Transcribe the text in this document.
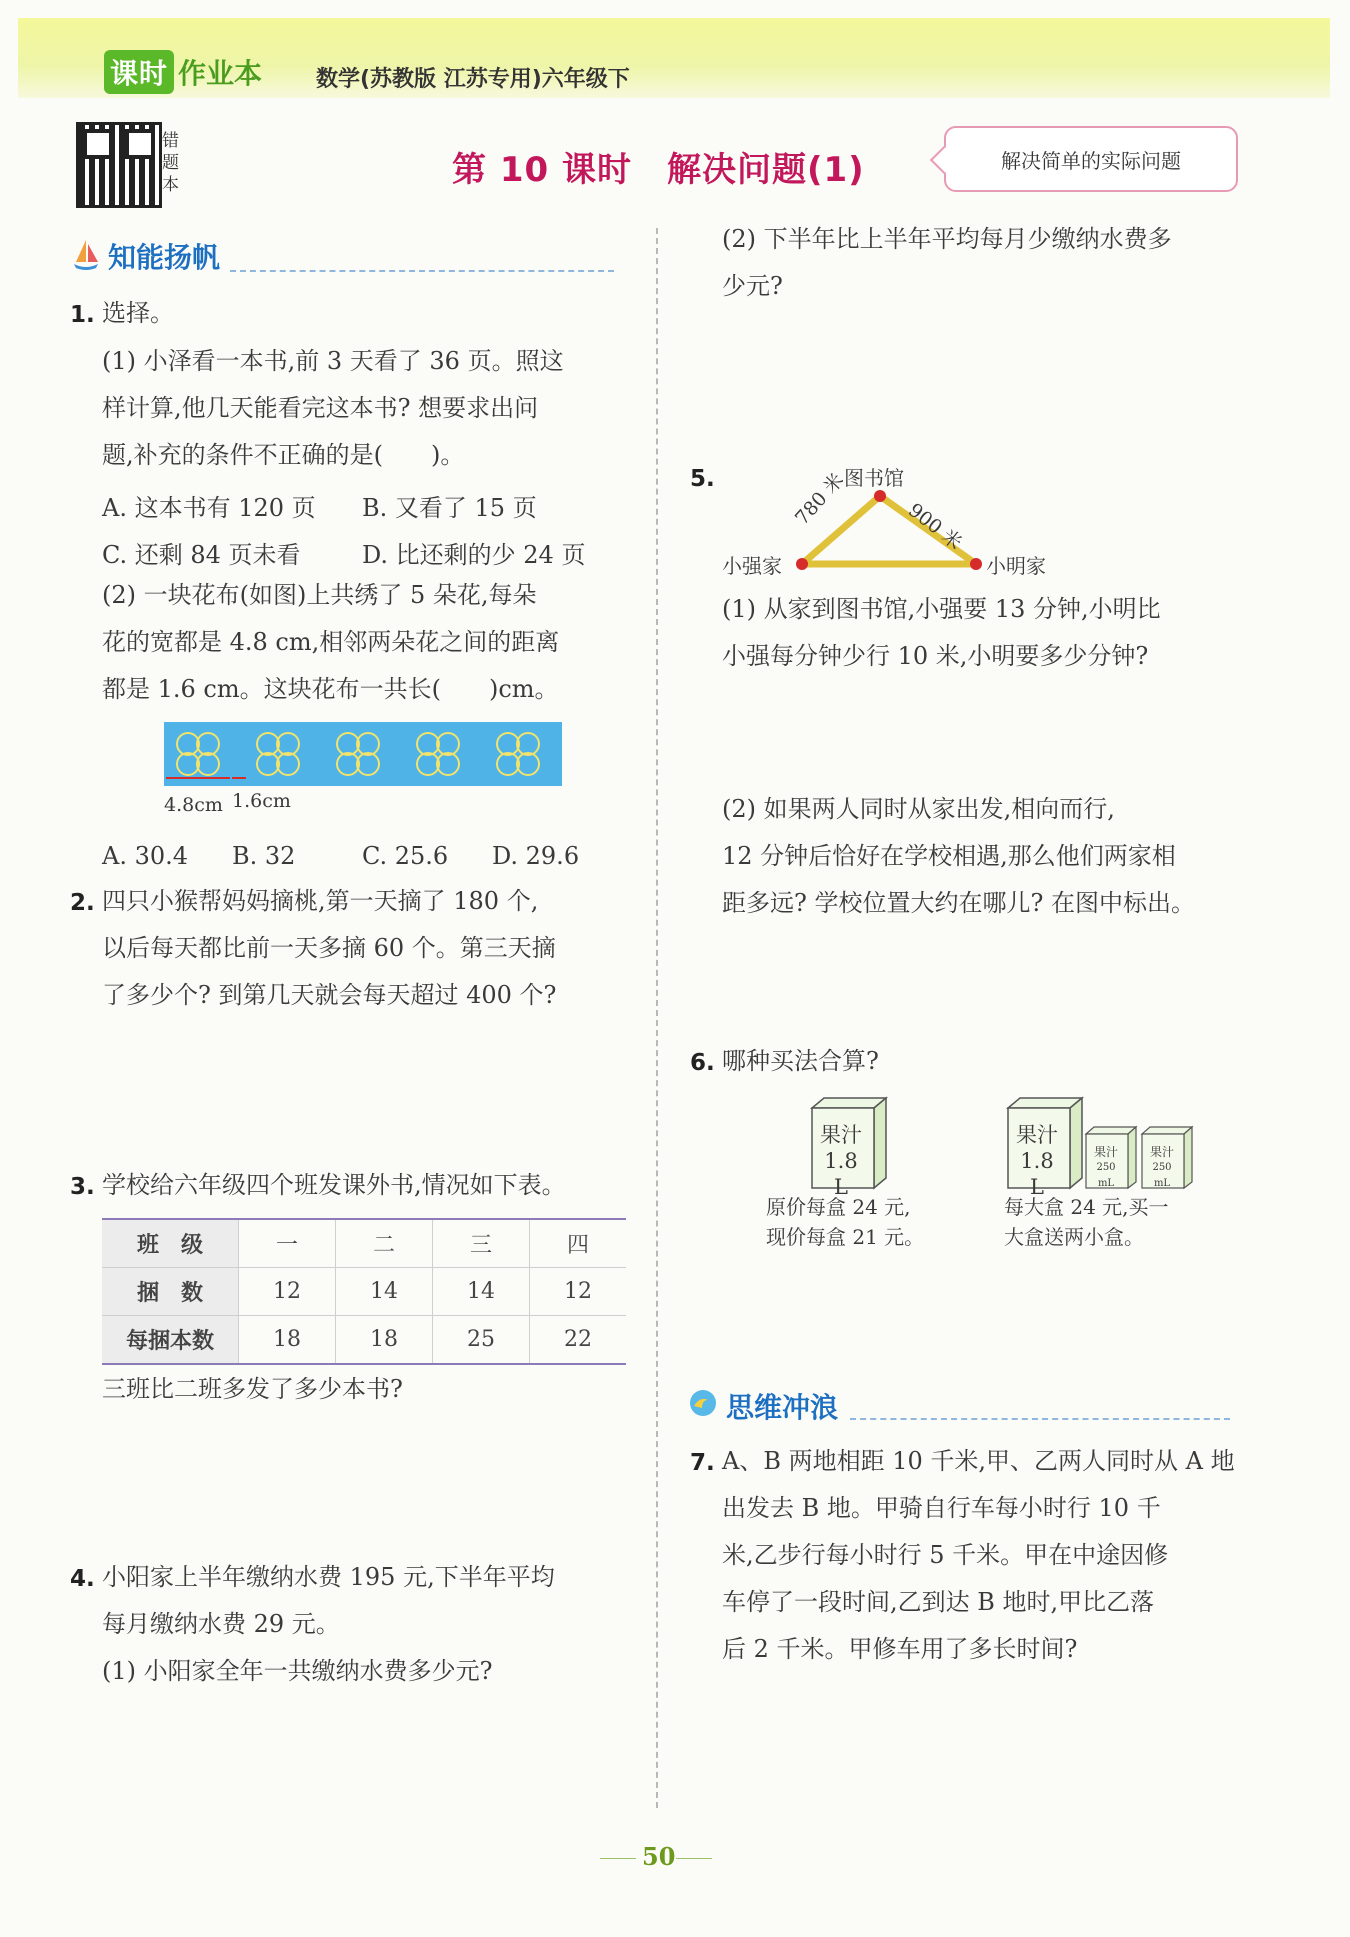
课时 作业本 数学(苏教版 江苏专用)六年级下
错题本	第 10 课时　解决问题(1)	解决简单的实际问题
知能扬帆
1. 选择。
(1) 小泽看一本书,前 3 天看了 36 页。照这
样计算,他几天能看完这本书? 想要求出问
题,补充的条件不正确的是(　　)。
A. 这本书有 120 页 B. 又看了 15 页
C. 还剩 84 页未看	D. 比还剩的少 24 页
(2) 一块花布(如图)上共绣了 5 朵花,每朵
花的宽都是 4.8 cm,相邻两朵花之间的距离
都是 1.6 cm。这块花布一共长(　　)cm。
4.8cm 1.6cm
A. 30.4 B. 32	C. 25.6 D. 29.6
2. 四只小猴帮妈妈摘桃,第一天摘了 180 个,
以后每天都比前一天多摘 60 个。第三天摘
了多少个? 到第几天就会每天超过 400 个?
3. 学校给六年级四个班发课外书,情况如下表。
班　级	一	二	三	四
捆　数	12	14	14	12
每捆本数	18	18	25	22
三班比二班多发了多少本书?
4. 小阳家上半年缴纳水费 195 元,下半年平均
每月缴纳水费 29 元。
(1) 小阳家全年一共缴纳水费多少元?
(2) 下半年比上半年平均每月少缴纳水费多
少元?
5.	图书馆
小强家	小明家
780 米	900 米
(1) 从家到图书馆,小强要 13 分钟,小明比
小强每分钟少行 10 米,小明要多少分钟?
(2) 如果两人同时从家出发,相向而行,
12 分钟后恰好在学校相遇,那么他们两家相
距多远? 学校位置大约在哪儿? 在图中标出。
6. 哪种买法合算?
果汁
1.8 L
原价每盒 24 元,
现价每盒 21 元。
果汁
1.8 L
果汁
250 mL
果汁
250 mL
每大盒 24 元,买一
大盒送两小盒。
思维冲浪
7. A、B 两地相距 10 千米,甲、乙两人同时从 A 地
出发去 B 地。甲骑自行车每小时行 10 千
米,乙步行每小时行 5 千米。甲在中途因修
车停了一段时间,乙到达 B 地时,甲比乙落
后 2 千米。甲修车用了多长时间?
50
